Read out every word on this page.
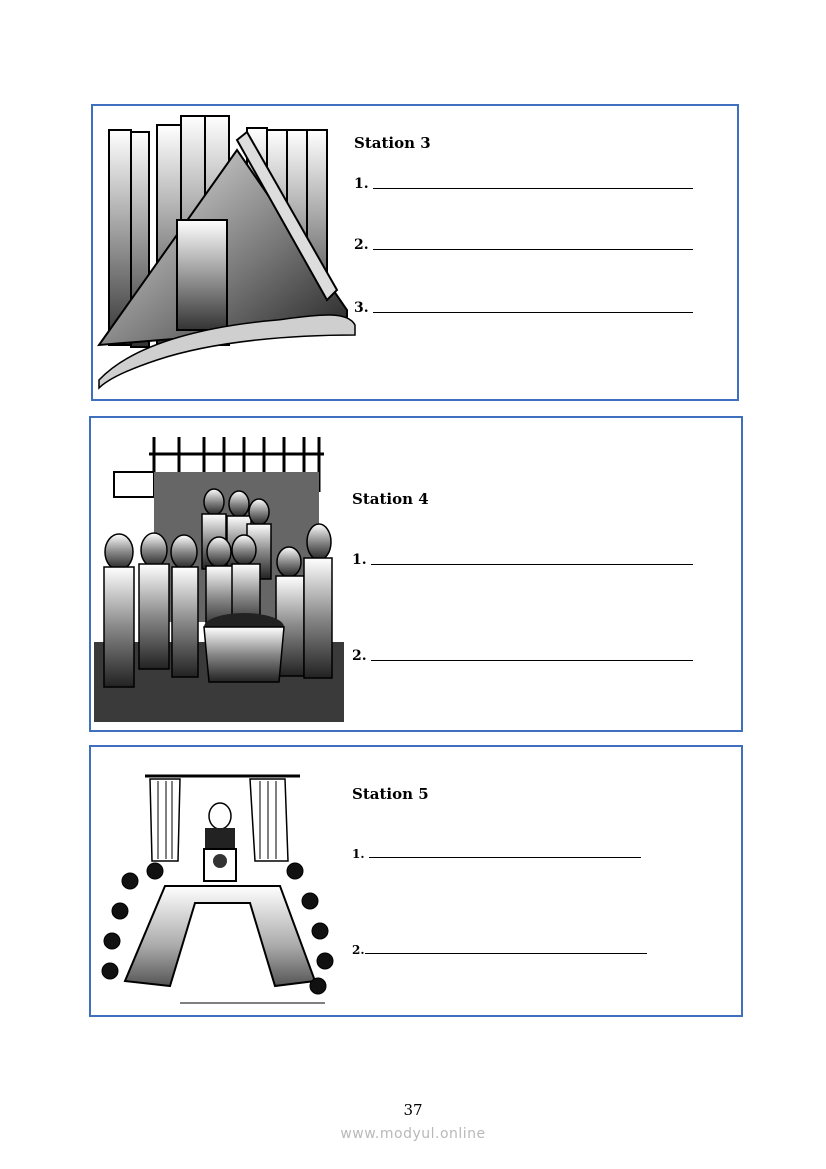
Station 3
1.
2.
3.
Station 4
1.
2.
Station 5
1.
2.
37
www.modyul.online
